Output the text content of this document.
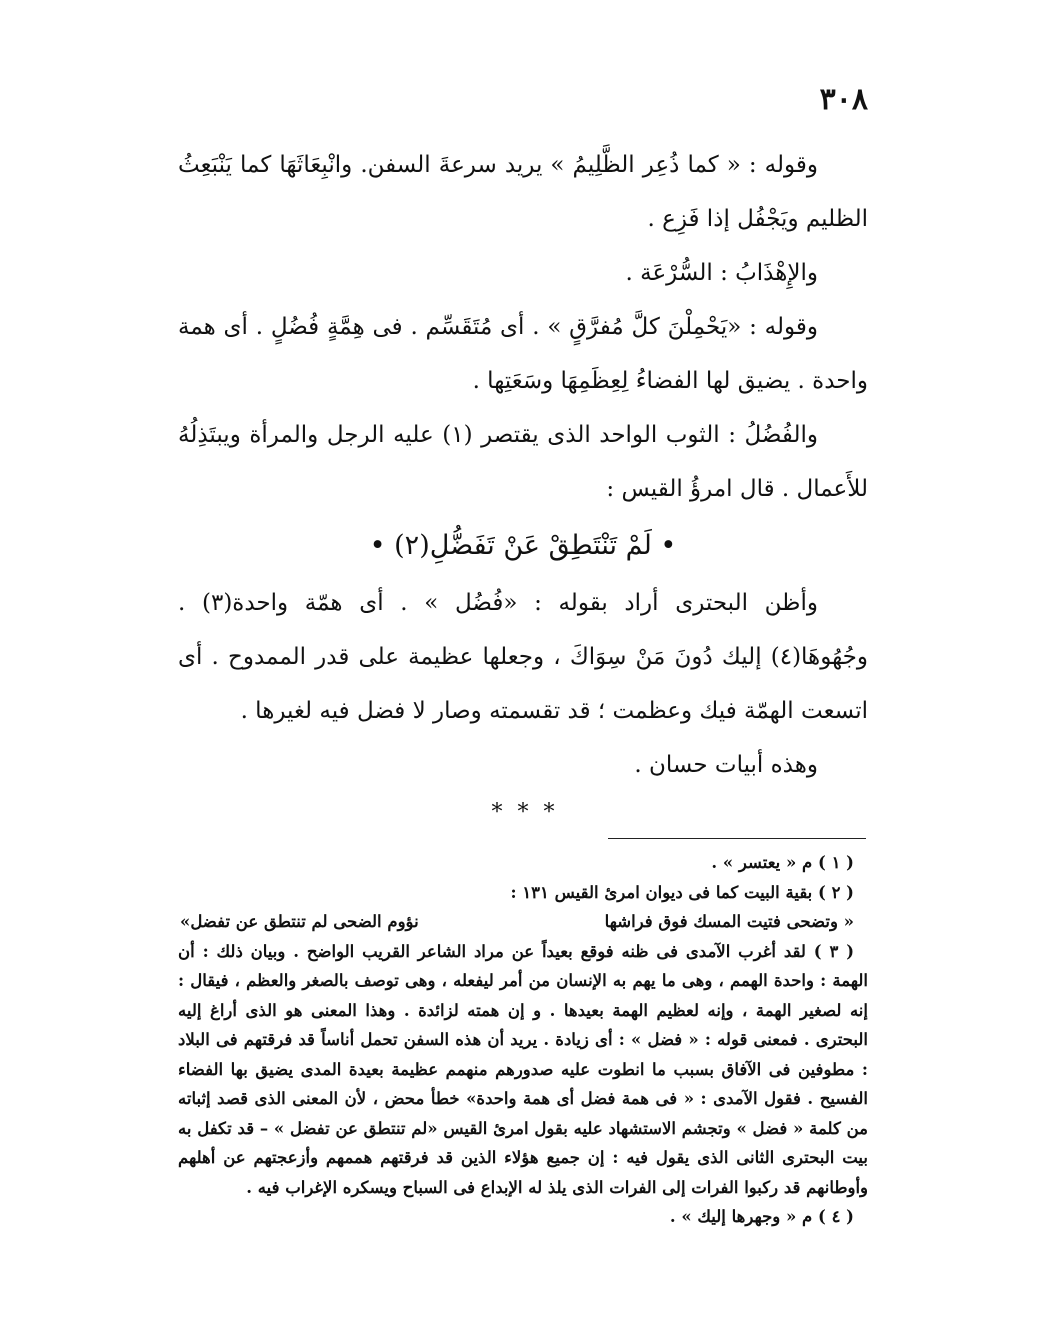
٣٠٨

وقوله : « كما ذُعِر الظَّلِيمُ » يريد سرعةَ السفن. وانْبِعَاثَهَا كما يَنْبَعِثُ الظليم ويَجْفُل إذا فَزِع .

والإِهْذَابُ : السُّرْعَة .

وقوله : «يَحْمِلْنَ كلَّ مُفرَّقٍ » . أى مُتَقَسِّم . فى هِمَّةٍ فُضُلٍ . أى همة واحدة . يضيق لها الفضاءُ لِعِظَمِهَا وسَعَتِها .

والفُضُلُ : الثوب الواحد الذى يقتصر (١) عليه الرجل والمرأة ويبتَذِلُهُ للأَعمال . قال امرؤُ القيس :

• لَمْ تَنْتَطِقْ عَنْ تَفَضُّلِ(٢) •

وأظن البحترى أراد بقوله : «فُضُل » . أى همّة واحدة(٣) . وجُهُوهَا(٤) إليك دُونَ مَنْ سِوَاكَ ، وجعلها عظيمة على قدر الممدوح . أى اتسعت الهمّة فيك وعظمت ؛ قد تقسمته وصار لا فضل فيه لغيرها .

وهذه أبيات حسان .

* * *

( ١ ) م « يعتسر » .

( ٢ ) بقية البيت كما فى ديوان امرئ القيس ١٣١ :

« وتضحى فتيت المسك فوق فراشها
نؤوم الضحى لم تنتطق عن تفضل»

( ٣ ) لقد أغرب الآمدى فى ظنه فوقع بعيداً عن مراد الشاعر القريب الواضح . وبيان ذلك : أن الهمة : واحدة الهمم ، وهى ما يهم به الإنسان من أمر ليفعله ، وهى توصف بالصغر والعظم ، فيقال : إنه لصغير الهمة ، وإنه لعظيم الهمة بعيدها . و إن همته لزائدة . وهذا المعنى هو الذى أراغ إليه البحترى . فمعنى قوله : « فضل » : أى زيادة . يريد أن هذه السفن تحمل أناساً قد فرقتهم فى البلاد : مطوفين فى الآفاق بسبب ما انطوت عليه صدورهم منهمم عظيمة بعيدة المدى يضيق بها الفضاء الفسيح . فقول الآمدى : « فى همة فضل أى همة واحدة» خطأ محض ، لأن المعنى الذى قصد إثباته من كلمة « فضل » وتجشم الاستشهاد عليه بقول امرئ القيس «لم تنتطق عن تفضل » – قد تكفل به بيت البحترى الثانى الذى يقول فيه : إن جميع هؤلاء الذين قد فرقتهم هممهم وأزعجتهم عن أهلهم وأوطانهم قد ركبوا الفرات إلى الفرات الذى يلذ له الإبداع فى السباح ويسكره الإغراب فيه .

( ٤ ) م « وجهرها إليك » .
